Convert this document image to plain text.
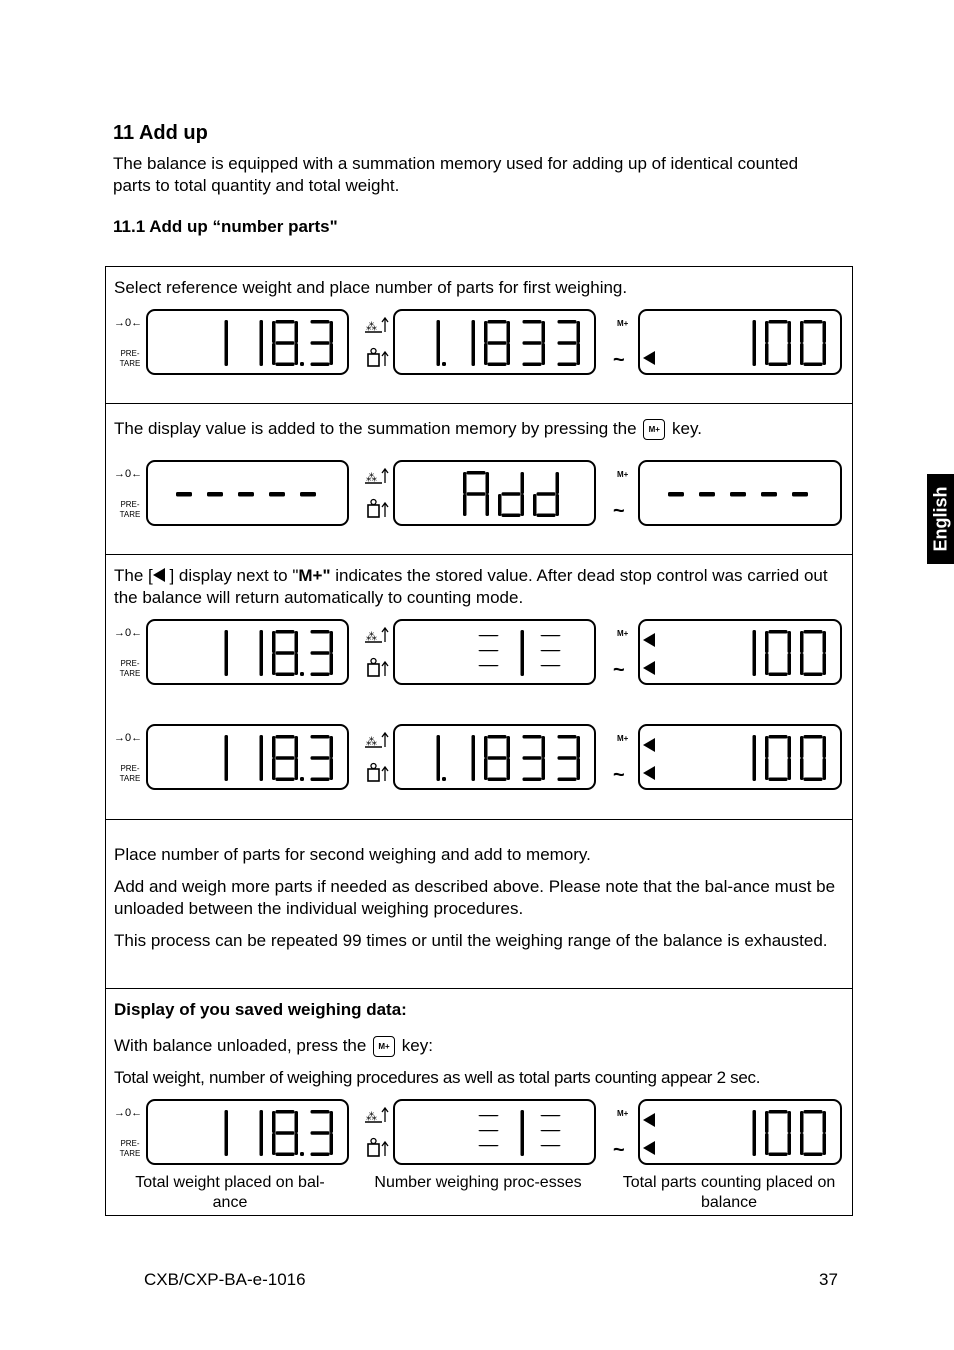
11 Add up
The balance is equipped with a summation memory used for adding up of identical counted parts to total quantity and total weight.
11.1 Add up “number parts"
English
Select reference weight and place number of parts for first weighing.
→0←
PRE-
TARE
⁂	M+
~
The display value is added to the summation memory by pressing the M+ key.
→0←
PRE-
TARE
⁂	M+
~
The [ ] display next to "M+" indicates the stored value. After dead stop control was carried out the balance will return automatically to counting mode.
→0←
PRE-
TARE
⁂	M+
~
→0←
PRE-
TARE
⁂	M+
~
Place number of parts for second weighing and add to memory.
Add and weigh more parts if needed as described above. Please note that the bal-ance must be unloaded between the individual weighing procedures.
This process can be repeated 99 times or until the weighing range of the balance is exhausted.
Display of you saved weighing data:
With balance unloaded, press the M+ key:
Total weight, number of weighing procedures as well as total parts counting appear 2 sec.
Total weight placed on bal-ance
Number weighing proc-esses	Total parts counting placed on balance
→0←
PRE-
TARE
⁂	M+
~
CXB/CXP-BA-e-1016	37
